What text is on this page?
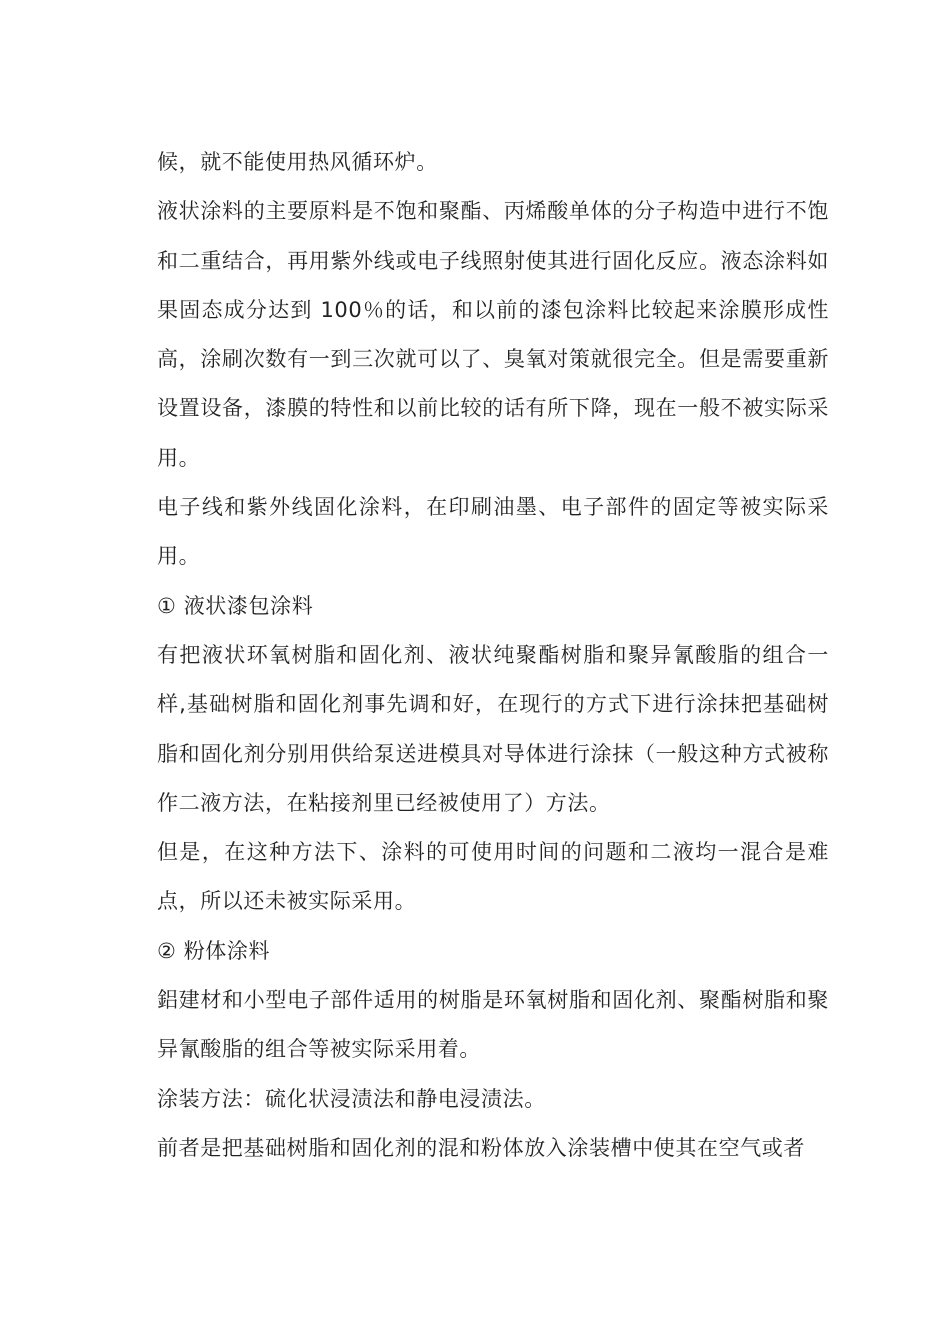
候，就不能使用热风循环炉。

液状涂料的主要原料是不饱和聚酯、丙烯酸单体的分子构造中进行不饱和二重结合，再用紫外线或电子线照射使其进行固化反应。液态涂料如果固态成分达到 100％的话，和以前的漆包涂料比较起来涂膜形成性高，涂刷次数有一到三次就可以了、臭氧对策就很完全。但是需要重新设置设备，漆膜的特性和以前比较的话有所下降，现在一般不被实际采用。

电子线和紫外线固化涂料，在印刷油墨、电子部件的固定等被实际采用。

① 液状漆包涂料

有把液状环氧树脂和固化剂、液状纯聚酯树脂和聚异氰酸脂的组合一样,基础树脂和固化剂事先调和好，在现行的方式下进行涂抹把基础树脂和固化剂分别用供给泵送进模具对导体进行涂抹（一般这种方式被称作二液方法，在粘接剂里已经被使用了）方法。

但是，在这种方法下、涂料的可使用时间的问题和二液均一混合是难点，所以还未被实际采用。

② 粉体涂料

鋁建材和小型电子部件适用的树脂是环氧树脂和固化剂、聚酯树脂和聚异氰酸脂的组合等被实际采用着。

涂装方法：硫化状浸渍法和静电浸渍法。

前者是把基础树脂和固化剂的混和粉体放入涂装槽中使其在空气或者
